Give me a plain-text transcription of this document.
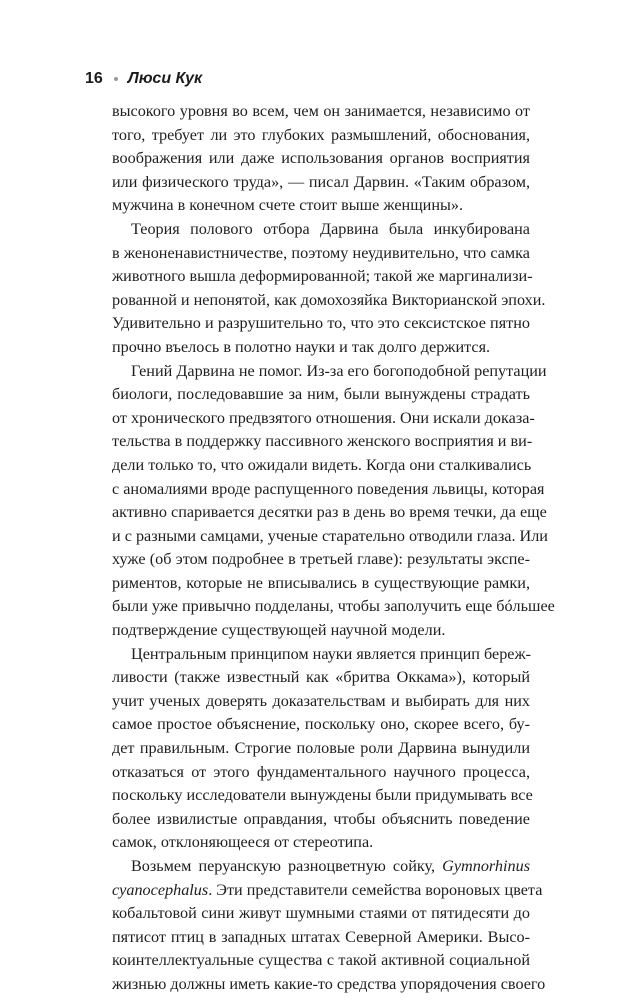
16 Люси Кук
высокого уровня во всем, чем он занимается, независимо от
того, требует ли это глубоких размышлений, обоснования,
воображения или даже использования органов восприятия
или физического труда», — писал Дарвин. «Таким образом,
мужчина в конечном счете стоит выше женщины».
Теория полового отбора Дарвина была инкубирована
в женоненавистничестве, поэтому неудивительно, что самка
животного вышла деформированной; такой же маргинализи-
рованной и непонятой, как домохозяйка Викторианской эпохи.
Удивительно и разрушительно то, что это сексистское пятно
прочно въелось в полотно науки и так долго держится.
Гений Дарвина не помог. Из-за его богоподобной репутации
биологи, последовавшие за ним, были вынуждены страдать
от хронического предвзятого отношения. Они искали доказа-
тельства в поддержку пассивного женского восприятия и ви-
дели только то, что ожидали видеть. Когда они сталкивались
с аномалиями вроде распущенного поведения львицы, которая
активно спаривается десятки раз в день во время течки, да еще
и с разными самцами, ученые старательно отводили глаза. Или
хуже (об этом подробнее в третьей главе): результаты экспе-
риментов, которые не вписывались в существующие рамки,
были уже привычно подделаны, чтобы заполучить еще бóльшее
подтверждение существующей научной модели.
Центральным принципом науки является принцип береж-
ливости (также известный как «бритва Оккама»), который
учит ученых доверять доказательствам и выбирать для них
самое простое объяснение, поскольку оно, скорее всего, бу-
дет правильным. Строгие половые роли Дарвина вынудили
отказаться от этого фундаментального научного процесса,
поскольку исследователи вынуждены были придумывать все
более извилистые оправдания, чтобы объяснить поведение
самок, отклоняющееся от стереотипа.
Возьмем перуанскую разноцветную сойку, Gymnorhinus
cyanocephalus. Эти представители семейства вороновых цвета
кобальтовой сини живут шумными стаями от пятидесяти до
пятисот птиц в западных штатах Северной Америки. Высо-
коинтеллектуальные существа с такой активной социальной
жизнью должны иметь какие-то средства упорядочения своего
